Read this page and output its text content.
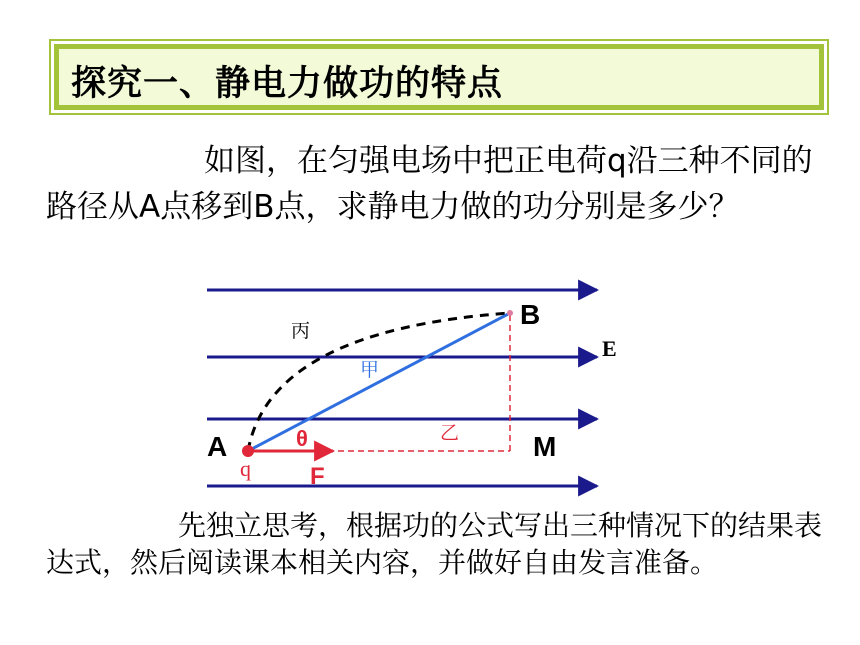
探究一、静电力做功的特点
如图，在匀强电场中把正电荷q沿三种不同的路径从A点移到B点，求静电力做的功分别是多少？
B
A	M
E
q F
θ
甲
乙
丙
先独立思考，根据功的公式写出三种情况下的结果表达式，然后阅读课本相关内容，并做好自由发言准备。
